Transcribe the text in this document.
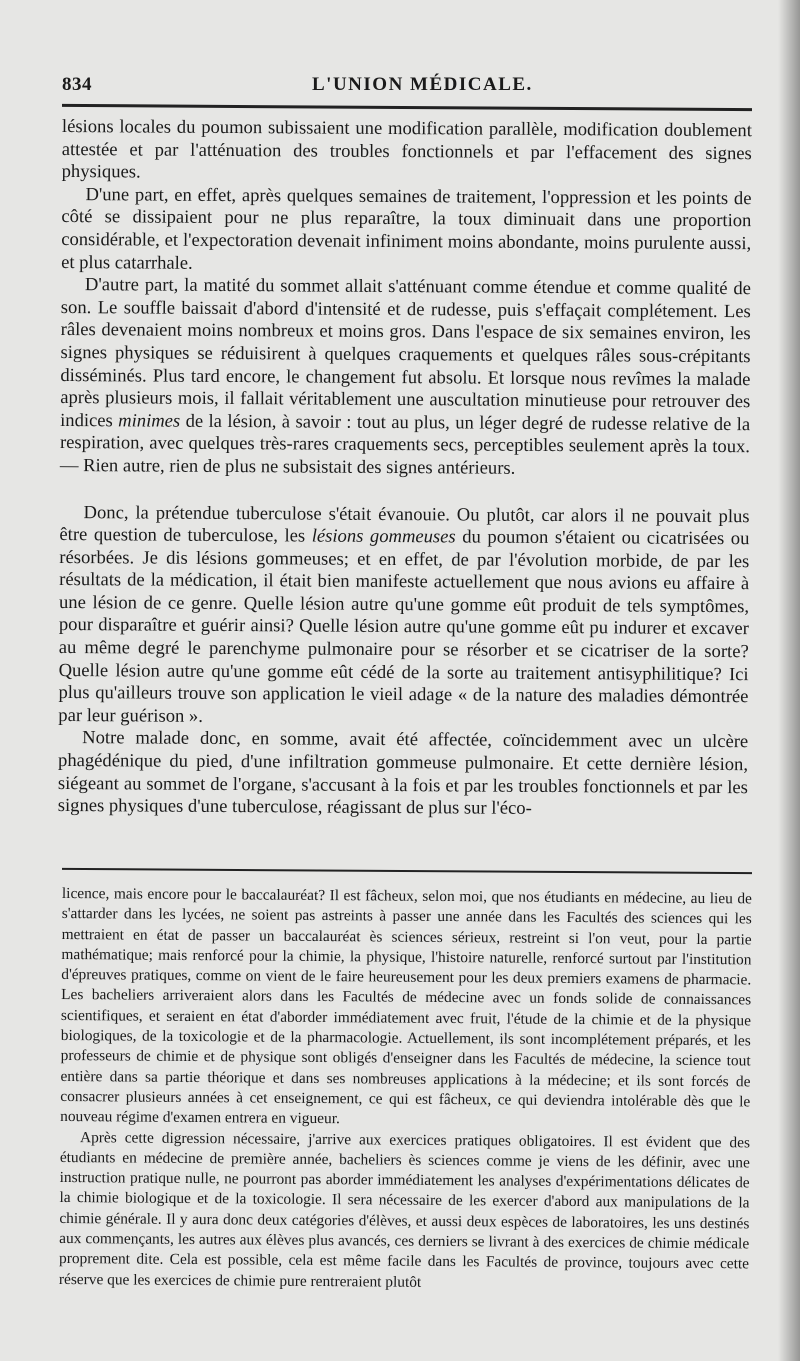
834	L'UNION MÉDICALE.

lésions locales du poumon subissaient une modification parallèle, modification doublement attestée et par l'atténuation des troubles fonctionnels et par l'effacement des signes physiques.

D'une part, en effet, après quelques semaines de traitement, l'oppression et les points de côté se dissipaient pour ne plus reparaître, la toux diminuait dans une proportion considérable, et l'expectoration devenait infiniment moins abondante, moins purulente aussi, et plus catarrhale.

D'autre part, la matité du sommet allait s'atténuant comme étendue et comme qualité de son. Le souffle baissait d'abord d'intensité et de rudesse, puis s'effaçait complétement. Les râles devenaient moins nombreux et moins gros. Dans l'espace de six semaines environ, les signes physiques se réduisirent à quelques craquements et quelques râles sous-crépitants disséminés. Plus tard encore, le changement fut absolu. Et lorsque nous revîmes la malade après plusieurs mois, il fallait véritablement une auscultation minutieuse pour retrouver des indices minimes de la lésion, à savoir : tout au plus, un léger degré de rudesse relative de la respiration, avec quelques très-rares craquements secs, perceptibles seulement après la toux. — Rien autre, rien de plus ne subsistait des signes antérieurs.

Donc, la prétendue tuberculose s'était évanouie. Ou plutôt, car alors il ne pouvait plus être question de tuberculose, les lésions gommeuses du poumon s'étaient ou cicatrisées ou résorbées. Je dis lésions gommeuses; et en effet, de par l'évolution morbide, de par les résultats de la médication, il était bien manifeste actuellement que nous avions eu affaire à une lésion de ce genre. Quelle lésion autre qu'une gomme eût produit de tels symptômes, pour disparaître et guérir ainsi? Quelle lésion autre qu'une gomme eût pu indurer et excaver au même degré le parenchyme pulmonaire pour se résorber et se cicatriser de la sorte? Quelle lésion autre qu'une gomme eût cédé de la sorte au traitement antisyphilitique? Ici plus qu'ailleurs trouve son application le vieil adage « de la nature des maladies démontrée par leur guérison ».

Notre malade donc, en somme, avait été affectée, coïncidemment avec un ulcère phagédénique du pied, d'une infiltration gommeuse pulmonaire. Et cette dernière lésion, siégeant au sommet de l'organe, s'accusant à la fois et par les troubles fonctionnels et par les signes physiques d'une tuberculose, réagissant de plus sur l'éco-

licence, mais encore pour le baccalauréat? Il est fâcheux, selon moi, que nos étudiants en médecine, au lieu de s'attarder dans les lycées, ne soient pas astreints à passer une année dans les Facultés des sciences qui les mettraient en état de passer un baccalauréat ès sciences sérieux, restreint si l'on veut, pour la partie mathématique; mais renforcé pour la chimie, la physique, l'histoire naturelle, renforcé surtout par l'institution d'épreuves pratiques, comme on vient de le faire heureusement pour les deux premiers examens de pharmacie. Les bacheliers arriveraient alors dans les Facultés de médecine avec un fonds solide de connaissances scientifiques, et seraient en état d'aborder immédiatement avec fruit, l'étude de la chimie et de la physique biologiques, de la toxicologie et de la pharmacologie. Actuellement, ils sont incomplétement préparés, et les professeurs de chimie et de physique sont obligés d'enseigner dans les Facultés de médecine, la science tout entière dans sa partie théorique et dans ses nombreuses applications à la médecine; et ils sont forcés de consacrer plusieurs années à cet enseignement, ce qui est fâcheux, ce qui deviendra intolérable dès que le nouveau régime d'examen entrera en vigueur.

Après cette digression nécessaire, j'arrive aux exercices pratiques obligatoires. Il est évident que des étudiants en médecine de première année, bacheliers ès sciences comme je viens de les définir, avec une instruction pratique nulle, ne pourront pas aborder immédiatement les analyses d'expérimentations délicates de la chimie biologique et de la toxicologie. Il sera nécessaire de les exercer d'abord aux manipulations de la chimie générale. Il y aura donc deux catégories d'élèves, et aussi deux espèces de laboratoires, les uns destinés aux commençants, les autres aux élèves plus avancés, ces derniers se livrant à des exercices de chimie médicale proprement dite. Cela est possible, cela est même facile dans les Facultés de province, toujours avec cette réserve que les exercices de chimie pure rentreraient plutôt
